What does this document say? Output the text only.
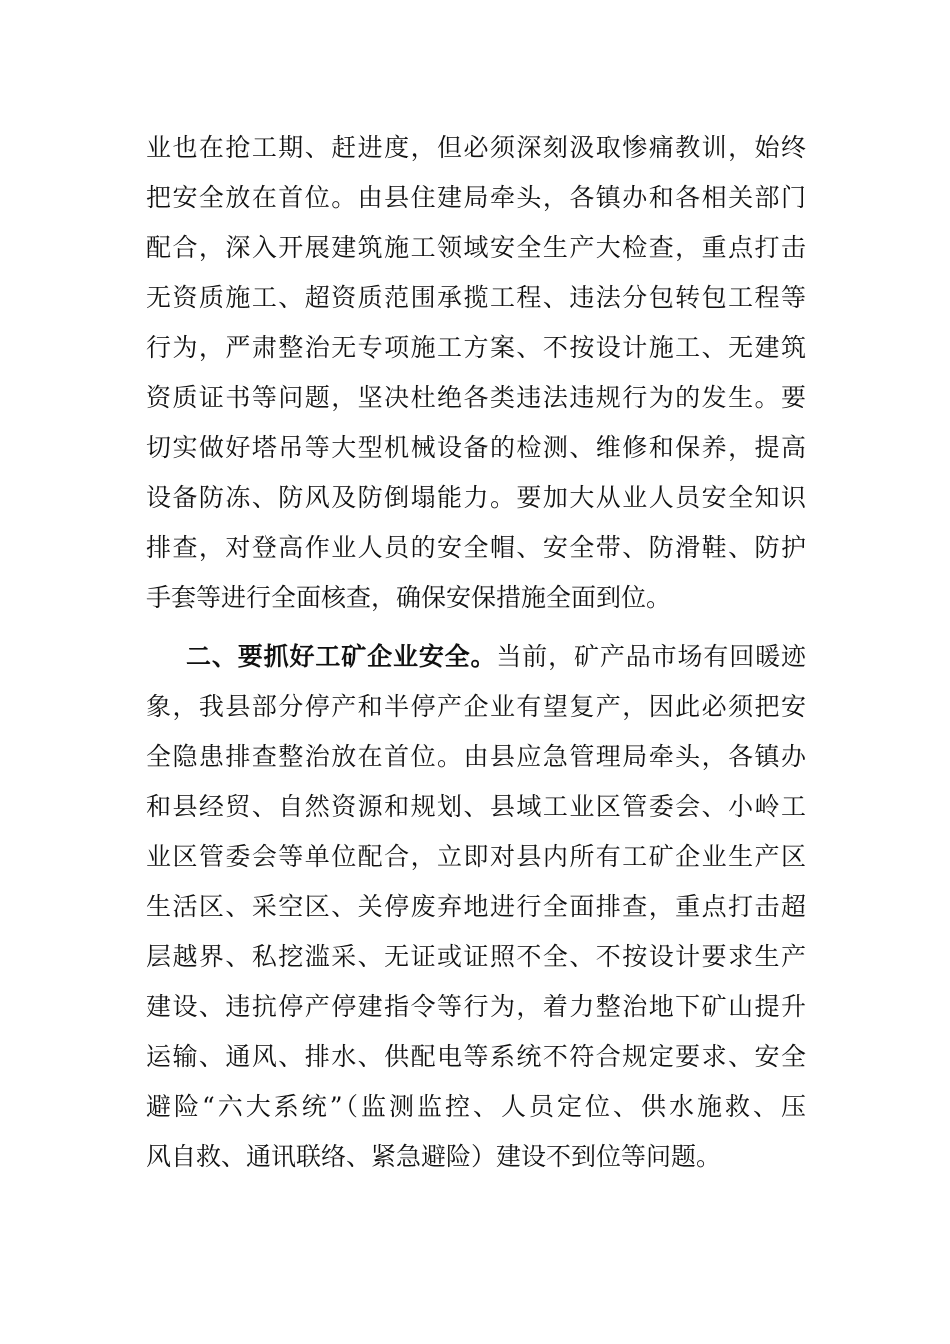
业也在抢工期、赶进度，但必须深刻汲取惨痛教训，始终
把安全放在首位。由县住建局牵头，各镇办和各相关部门
配合，深入开展建筑施工领域安全生产大检查，重点打击
无资质施工、超资质范围承揽工程、违法分包转包工程等
行为，严肃整治无专项施工方案、不按设计施工、无建筑
资质证书等问题，坚决杜绝各类违法违规行为的发生。要
切实做好塔吊等大型机械设备的检测、维修和保养，提高
设备防冻、防风及防倒塌能力。要加大从业人员安全知识
排查，对登高作业人员的安全帽、安全带、防滑鞋、防护
手套等进行全面核查，确保安保措施全面到位。
二、要抓好工矿企业安全。当前，矿产品市场有回暖迹
象，我县部分停产和半停产企业有望复产，因此必须把安
全隐患排查整治放在首位。由县应急管理局牵头，各镇办
和县经贸、自然资源和规划、县域工业区管委会、小岭工
业区管委会等单位配合，立即对县内所有工矿企业生产区
生活区、采空区、关停废弃地进行全面排查，重点打击超
层越界、私挖滥采、无证或证照不全、不按设计要求生产
建设、违抗停产停建指令等行为，着力整治地下矿山提升
运输、通风、排水、供配电等系统不符合规定要求、安全
避险“六大系统”（监测监控、人员定位、供水施救、压
风自救、通讯联络、紧急避险）建设不到位等问题。
